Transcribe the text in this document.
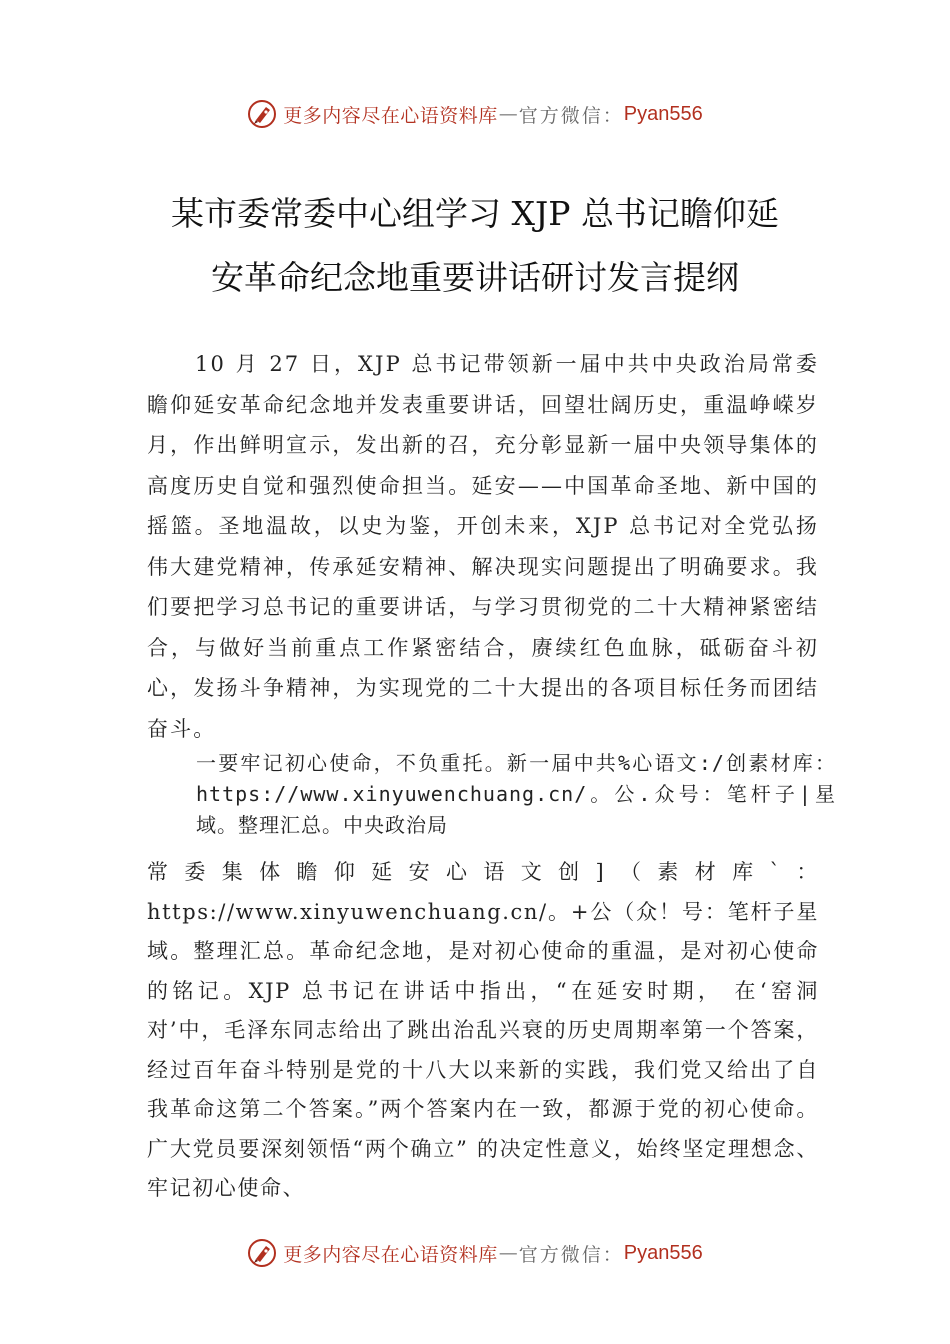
更多内容尽在心语资料库 — 官方微信： Pyan556
某市委常委中心组学习 XJP 总书记瞻仰延
安革命纪念地重要讲话研讨发言提纲
10 月 27 日，XJP 总书记带领新一届中共中央政治局常委瞻仰延安革命纪念地并发表重要讲话，回望壮阔历史，重温峥嵘岁月，作出鲜明宣示，发出新的召，充分彰显新一届中央领导集体的高度历史自觉和强烈使命担当。延安——中国革命圣地、新中国的摇篮。圣地温故，以史为鉴，开创未来，XJP 总书记对全党弘扬伟大建党精神，传承延安精神、解决现实问题提出了明确要求。我们要把学习总书记的重要讲话，与学习贯彻党的二十大精神紧密结合，与做好当前重点工作紧密结合，赓续红色血脉，砥砺奋斗初心，发扬斗争精神，为实现党的二十大提出的各项目标任务而团结奋斗。
一要牢记初心使命，不负重托。新一届中共%心语文:/创素材库：https://www.xinyuwenchuang.cn/。公.众号：笔杆子|星域。整理汇总。中央政治局
常委集体瞻仰延安心语文创]（素材库`：https://www.xinyuwenchuang.cn/。+公（众！号：笔杆子星域。整理汇总。革命纪念地，是对初心使命的重温，是对初心使命的铭记。XJP 总书记在讲话中指出，“在延安时期， 在‘窑洞对’中，毛泽东同志给出了跳出治乱兴衰的历史周期率第一个答案，经过百年奋斗特别是党的十八大以来新的实践，我们党又给出了自我革命这第二个答案。”两个答案内在一致，都源于党的初心使命。广大党员要深刻领悟“两个确立” 的决定性意义，始终坚定理想念、牢记初心使命、
更多内容尽在心语资料库 — 官方微信： Pyan556
